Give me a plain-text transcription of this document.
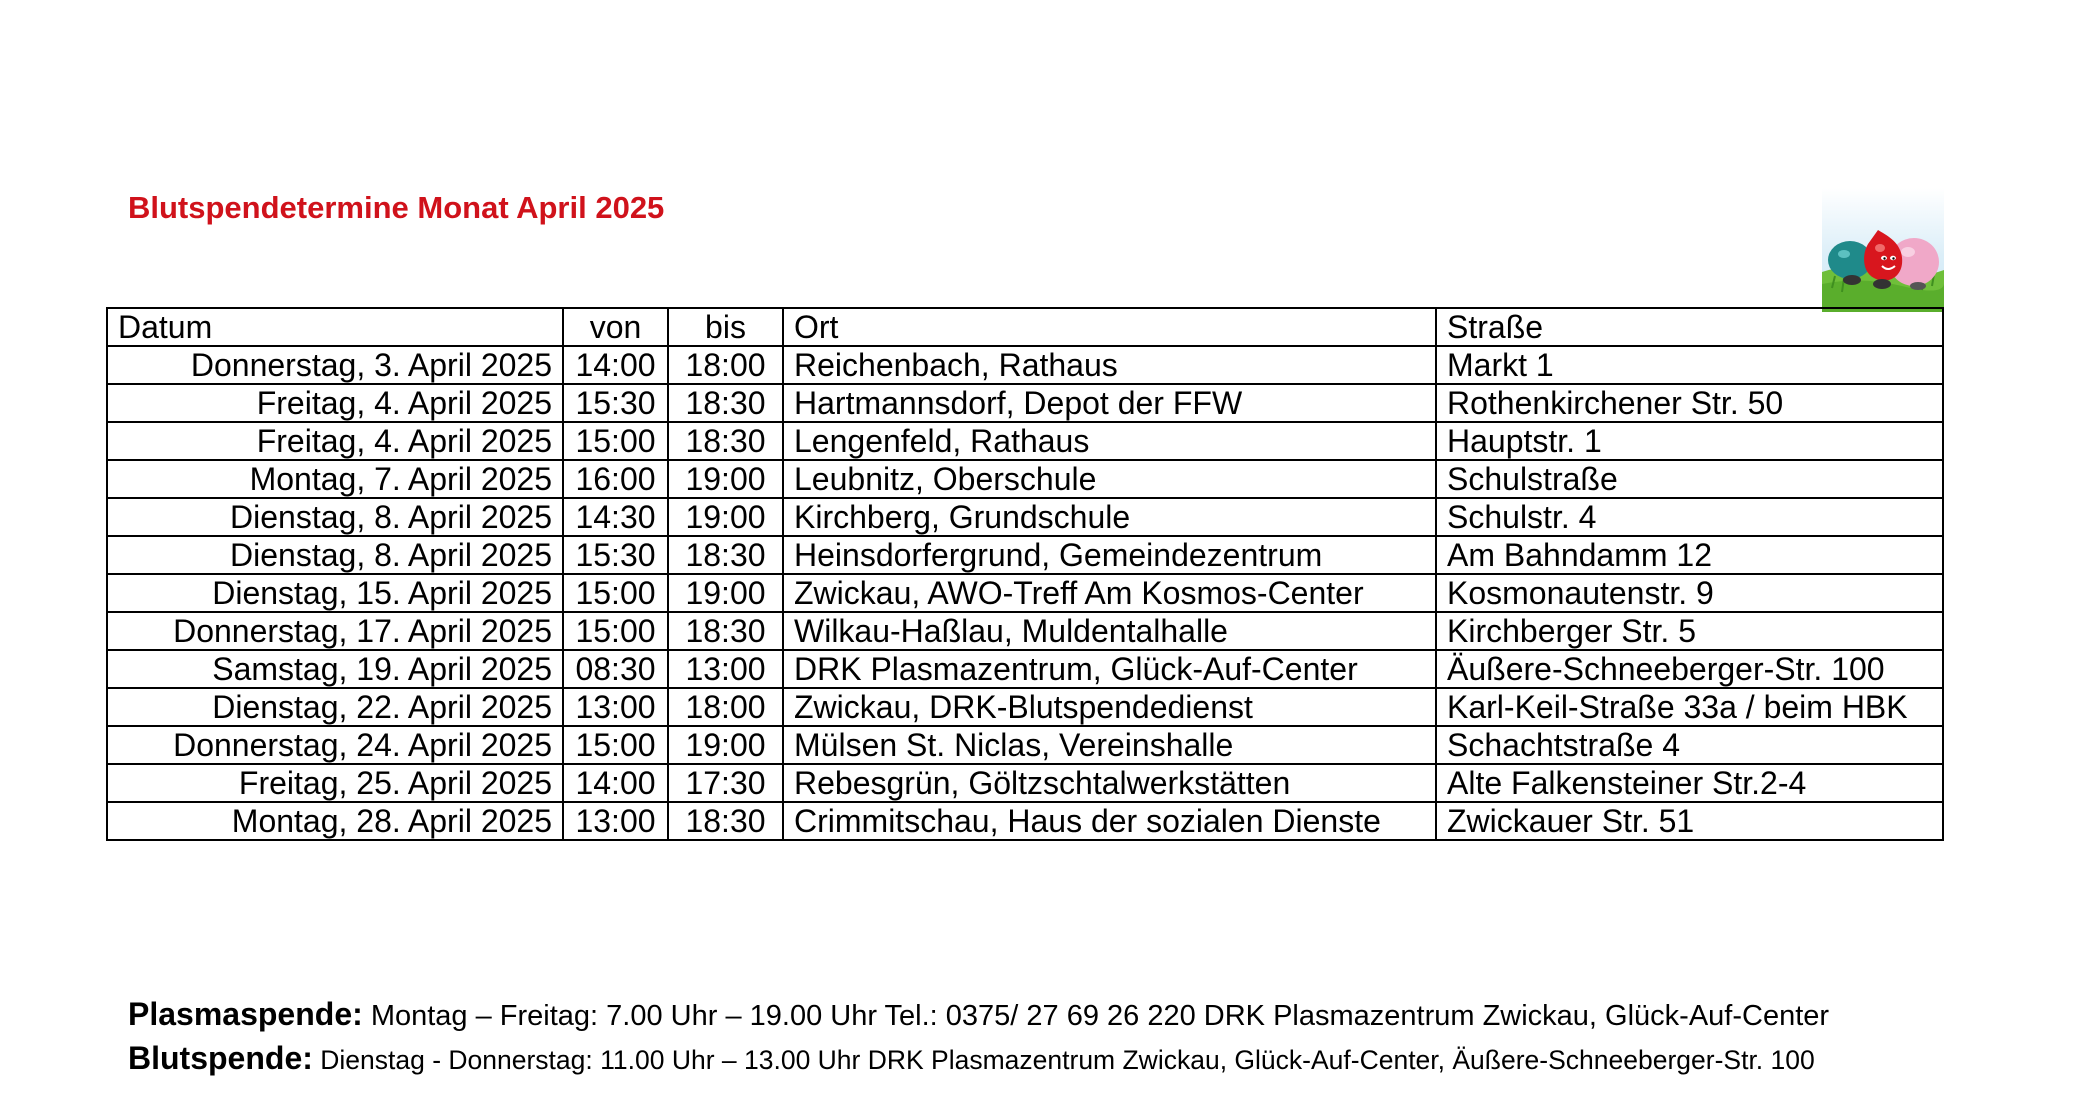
Blutspendetermine Monat April 2025
Datum	von	bis	Ort	Straße
Donnerstag, 3. April 2025	14:00	18:00	Reichenbach, Rathaus	Markt 1
Freitag, 4. April 2025	15:30	18:30	Hartmannsdorf, Depot der FFW	Rothenkirchener Str. 50
Freitag, 4. April 2025	15:00	18:30	Lengenfeld, Rathaus	Hauptstr. 1
Montag, 7. April 2025	16:00	19:00	Leubnitz, Oberschule	Schulstraße
Dienstag, 8. April 2025	14:30	19:00	Kirchberg, Grundschule	Schulstr. 4
Dienstag, 8. April 2025	15:30	18:30	Heinsdorfergrund, Gemeindezentrum	Am Bahndamm 12
Dienstag, 15. April 2025	15:00	19:00	Zwickau, AWO-Treff Am Kosmos-Center	Kosmonautenstr. 9
Donnerstag, 17. April 2025	15:00	18:30	Wilkau-Haßlau, Muldentalhalle	Kirchberger Str. 5
Samstag, 19. April 2025	08:30	13:00	DRK Plasmazentrum, Glück-Auf-Center	Äußere-Schneeberger-Str. 100
Dienstag, 22. April 2025	13:00	18:00	Zwickau, DRK-Blutspendedienst	Karl-Keil-Straße 33a / beim HBK
Donnerstag, 24. April 2025	15:00	19:00	Mülsen St. Niclas, Vereinshalle	Schachtstraße 4
Freitag, 25. April 2025	14:00	17:30	Rebesgrün, Göltzschtalwerkstätten	Alte Falkensteiner Str.2-4
Montag, 28. April 2025	13:00	18:30	Crimmitschau, Haus der sozialen Dienste	Zwickauer Str. 51
Plasmaspende: Montag – Freitag: 7.00 Uhr – 19.00 Uhr Tel.: 0375/ 27 69 26 220 DRK Plasmazentrum Zwickau, Glück-Auf-Center
Blutspende: Dienstag - Donnerstag: 11.00 Uhr – 13.00 Uhr DRK Plasmazentrum Zwickau, Glück-Auf-Center, Äußere-Schneeberger-Str. 100
